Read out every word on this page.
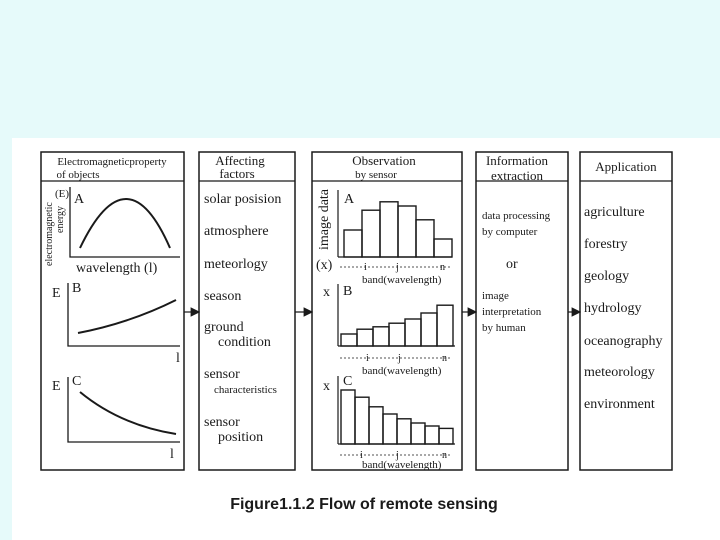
Electromagneticproperty
of objects
electromagnetic energy
(E) A
wavelength (l)
E B
l
E C
l
Affecting
factors
solar posision
atmosphere
meteorlogy
season
ground
condition
sensor
characteristics
sensor
position
Observation
by sensor
image data
(x)
A
i	j	n
band(wavelength)
x B
i	j	n
band(wavelength)
x C
i	j	n
band(wavelength)
Information
extraction
data processing
by computer
or
image
interpretation
by human
Application
agriculture
forestry
geology
hydrology
oceanography
meteorology
environment
Figure1.1.2 Flow of remote sensing
